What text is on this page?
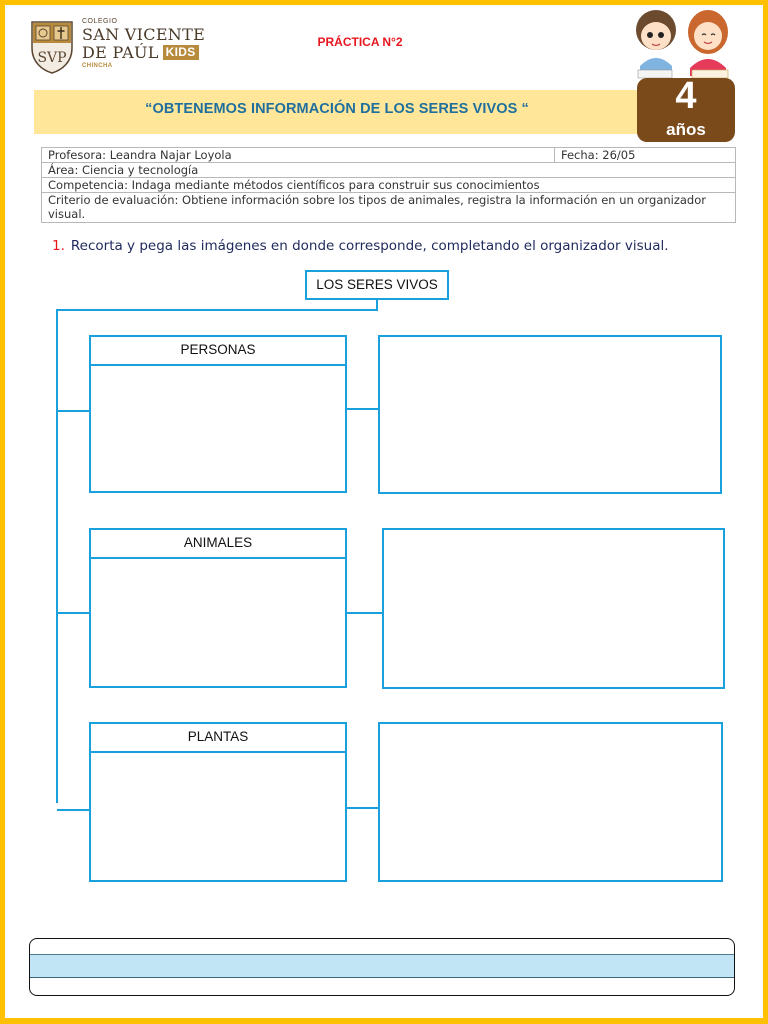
SVP
COLEGIO
SAN VICENTE
DE PAÚL KIDS
CHINCHA
PRÁCTICA N°2
“OBTENEMOS INFORMACIÓN DE LOS SERES VIVOS “	4
años
Profesora: Leandra Najar Loyola	Fecha: 26/05
Área: Ciencia y tecnología
Competencia: Indaga mediante métodos científicos para construir sus conocimientos
Criterio de evaluación: Obtiene información sobre los tipos de animales, registra la información en un organizador visual.
1. Recorta y pega las imágenes en donde corresponde, completando el organizador visual.
LOS SERES VIVOS
PERSONAS
ANIMALES
PLANTAS
